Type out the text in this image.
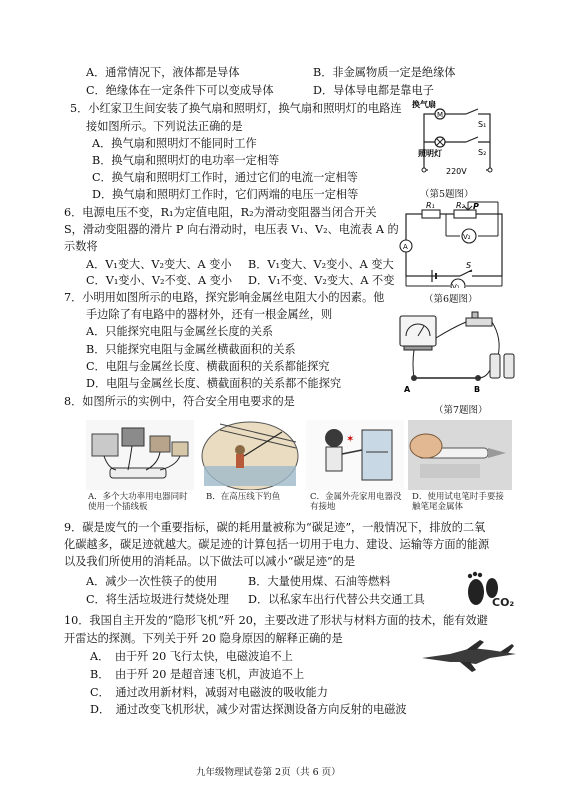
A．通常情况下，液体都是导体	B．非金属物质一定是绝缘体
C．绝缘体在一定条件下可以变成导体	D．导体导电都是靠电子
5．小红家卫生间安装了换气扇和照明灯，换气扇和照明灯的电路连
接如图所示。下列说法正确的是
A．换气扇和照明灯不能同时工作
B．换气扇和照明灯的电功率一定相等
C．换气扇和照明灯工作时，通过它们的电流一定相等
D．换气扇和照明灯工作时，它们两端的电压一定相等
M
换气扇
S₁
照明灯	S₂
220V
（第5题图）
6．电源电压不变，R₁为定值电阻，R₂为滑动变阻器当闭合开关
S，滑动变阻器的滑片 P 向右滑动时，电压表 V₁、V₂、电流表 A 的
示数将
A．V₁变大、V₂变大、A 变小 B．V₁变大、V₂变小、A 变大
C．V₁变小、V₂不变、A 变小 D．V₁不变、V₂变大、A 不变
R₁	R₂ P
V₂
A
S
V₁
（第6题图）
7．小明用如图所示的电路，探究影响金属丝电阻大小的因素。他
手边除了有电路中的器材外，还有一根金属丝，则
A．只能探究电阻与金属丝长度的关系
B．只能探究电阻与金属丝横截面积的关系
C．电阻与金属丝长度、横截面积的关系都能探究
D．电阻与金属丝长度、横截面积的关系都不能探究	A	B
（第7题图）
8．如图所示的实例中，符合安全用电要求的是
A．多个大功率用电器同时使用一个插线板
B．在高压线下钓鱼
✶
C．金属外壳家用电器没有接地
D．使用试电笔时手要接触笔尾金属体
9．碳是废气的一个重要指标，碳的耗用量被称为“碳足迹”，一般情况下，排放的二氧
化碳越多，碳足迹就越大。碳足迹的计算包括一切用于电力、建设、运输等方面的能源
以及我们所使用的消耗品。以下做法可以减小“碳足迹”的是
A．减少一次性筷子的使用	B．大量使用煤、石油等燃料
C．将生活垃圾进行焚烧处理 D．以私家车出行代替公共交通工具	CO₂
10．我国自主开发的“隐形飞机”歼 20，主要改进了形状与材料方面的技术，能有效避
开雷达的探测。下列关于歼 20 隐身原因的解释正确的是
A．　由于歼 20 飞行太快，电磁波追不上
B．　由于歼 20 是超音速飞机，声波追不上
C．　通过改用新材料，减弱对电磁波的吸收能力
D．　通过改变飞机形状，减少对雷达探测设备方向反射的电磁波
九年级物理试卷第 2页（共 6 页）
